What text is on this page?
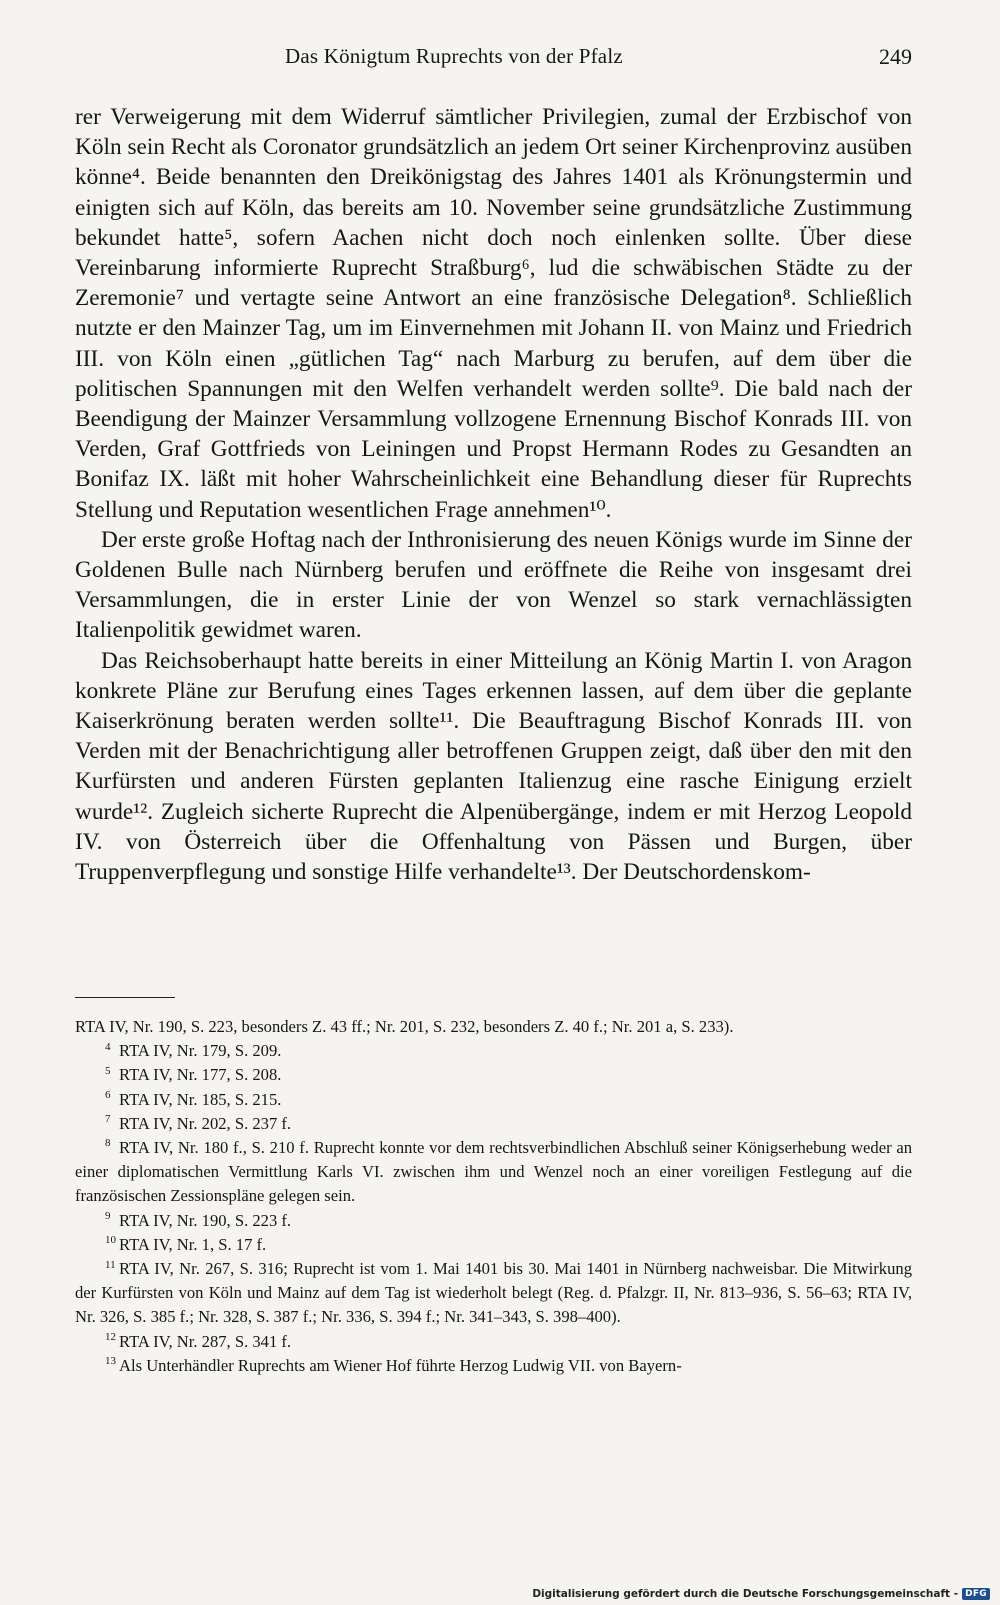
Das Königtum Ruprechts von der Pfalz	249

rer Verweigerung mit dem Widerruf sämtlicher Privilegien, zumal der Erzbischof von Köln sein Recht als Coronator grundsätzlich an jedem Ort seiner Kirchenprovinz ausüben könne⁴. Beide benannten den Dreikönigstag des Jahres 1401 als Krönungstermin und einigten sich auf Köln, das bereits am 10. November seine grundsätzliche Zustimmung bekundet hatte⁵, sofern Aachen nicht doch noch einlenken sollte. Über diese Vereinbarung informierte Ruprecht Straßburg⁶, lud die schwäbischen Städte zu der Zeremonie⁷ und vertagte seine Antwort an eine französische Delegation⁸. Schließlich nutzte er den Mainzer Tag, um im Einvernehmen mit Johann II. von Mainz und Friedrich III. von Köln einen „gütlichen Tag“ nach Marburg zu berufen, auf dem über die politischen Spannungen mit den Welfen verhandelt werden sollte⁹. Die bald nach der Beendigung der Mainzer Versammlung vollzogene Ernennung Bischof Konrads III. von Verden, Graf Gottfrieds von Leiningen und Propst Hermann Rodes zu Gesandten an Bonifaz IX. läßt mit hoher Wahrscheinlichkeit eine Behandlung dieser für Ruprechts Stellung und Reputation wesentlichen Frage annehmen¹⁰.

Der erste große Hoftag nach der Inthronisierung des neuen Königs wurde im Sinne der Goldenen Bulle nach Nürnberg berufen und eröffnete die Reihe von insgesamt drei Versammlungen, die in erster Linie der von Wenzel so stark vernachlässigten Italienpolitik gewidmet waren.

Das Reichsoberhaupt hatte bereits in einer Mitteilung an König Martin I. von Aragon konkrete Pläne zur Berufung eines Tages erkennen lassen, auf dem über die geplante Kaiserkrönung beraten werden sollte¹¹. Die Beauftragung Bischof Konrads III. von Verden mit der Benachrichtigung aller betroffenen Gruppen zeigt, daß über den mit den Kurfürsten und anderen Fürsten geplanten Italienzug eine rasche Einigung erzielt wurde¹². Zugleich sicherte Ruprecht die Alpenübergänge, indem er mit Herzog Leopold IV. von Österreich über die Offenhaltung von Pässen und Burgen, über Truppenverpflegung und sonstige Hilfe verhandelte¹³. Der Deutschordenskom-

RTA IV, Nr. 190, S. 223, besonders Z. 43 ff.; Nr. 201, S. 232, besonders Z. 40 f.; Nr. 201 a, S. 233).

4 RTA IV, Nr. 179, S. 209.

5 RTA IV, Nr. 177, S. 208.

6 RTA IV, Nr. 185, S. 215.

7 RTA IV, Nr. 202, S. 237 f.

8 RTA IV, Nr. 180 f., S. 210 f. Ruprecht konnte vor dem rechtsverbindlichen Abschluß seiner Königserhebung weder an einer diplomatischen Vermittlung Karls VI. zwischen ihm und Wenzel noch an einer voreiligen Festlegung auf die französischen Zessionspläne gelegen sein.

9 RTA IV, Nr. 190, S. 223 f.

10 RTA IV, Nr. 1, S. 17 f.

11 RTA IV, Nr. 267, S. 316; Ruprecht ist vom 1. Mai 1401 bis 30. Mai 1401 in Nürnberg nachweisbar. Die Mitwirkung der Kurfürsten von Köln und Mainz auf dem Tag ist wiederholt belegt (Reg. d. Pfalzgr. II, Nr. 813–936, S. 56–63; RTA IV, Nr. 326, S. 385 f.; Nr. 328, S. 387 f.; Nr. 336, S. 394 f.; Nr. 341–343, S. 398–400).

12 RTA IV, Nr. 287, S. 341 f.

13 Als Unterhändler Ruprechts am Wiener Hof führte Herzog Ludwig VII. von Bayern-

Digitalisierung gefördert durch die Deutsche Forschungsgemeinschaft - DFG
